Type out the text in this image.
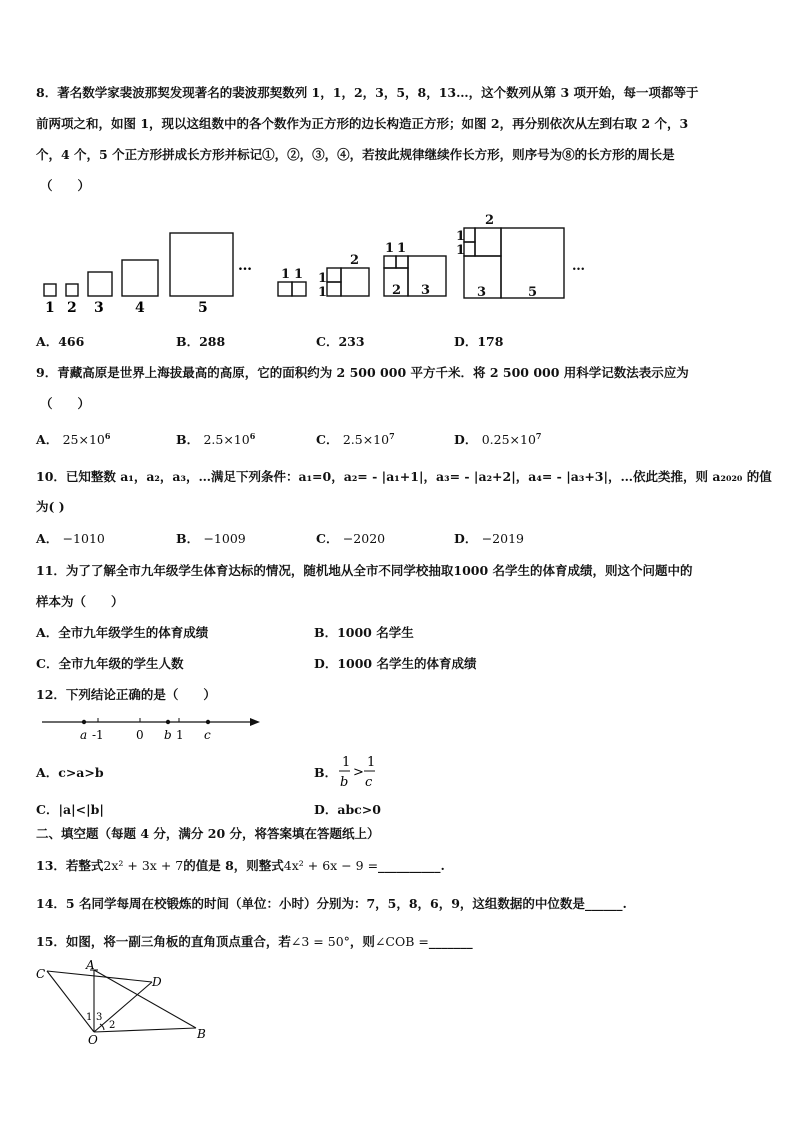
8．著名数学家裴波那契发现著名的裴波那契数列 1，1，2，3，5，8，13…，这个数列从第 3 项开始，每一项都等于
前两项之和，如图 1，现以这组数中的各个数作为正方形的边长构造正方形；如图 2，再分别依次从左到右取 2 个，3
个，4 个，5 个正方形拼成长方形并标记①，②，③，④，若按此规律继续作长方形，则序号为⑧的长方形的周长是
（　　）
1 2 3 4	5
…
1 1 1
1
2
1 1
2 3
1
1
2
3	5
…
A．466	B．288	C．233	D．178
9．青藏高原是世界上海拔最高的高原，它的面积约为 2 500 000 平方千米．将 2 500 000 用科学记数法表示应为
（　　）
A． $25\times 10^6$	B． $2.5\times 10^6$	C． $2.5\times 10^7$	D． $0.25\times 10^7$
10．已知整数 a₁，a₂，a₃，…满足下列条件：a₁=0，a₂= - |a₁+1|，a₃= - |a₂+2|，a₄= - |a₃+3|，…依此类推，则 a₂₀₂₀ 的值
为( )
A． −1010	B． −1009	C． −2020	D． −2019
11．为了了解全市九年级学生体育达标的情况，随机地从全市不同学校抽取1000 名学生的体育成绩，则这个问题中的
样本为（　　）
A．全市九年级学生的体育成绩	B．1000 名学生
C．全市九年级的学生人数	D．1000 名学生的体育成绩
12．下列结论正确的是（　　）
a -1	0 b 1 c
A．c>a>b	B．
1
b
>
1
c
C．|a|<|b|	D．abc>0
二、填空题（每题 4 分，满分 20 分，将答案填在答题纸上）
13．若整式2x² + 3x + 7的值是 8，则整式4x² + 6x − 9 =__________.
14．5 名同学每周在校锻炼的时间（单位：小时）分别为：7，5，8，6，9，这组数据的中位数是______.
15．如图，将一副三角板的直角顶点重合，若∠3 = 50°，则∠COB =_______
C
A
D
B
O
1 3
2
